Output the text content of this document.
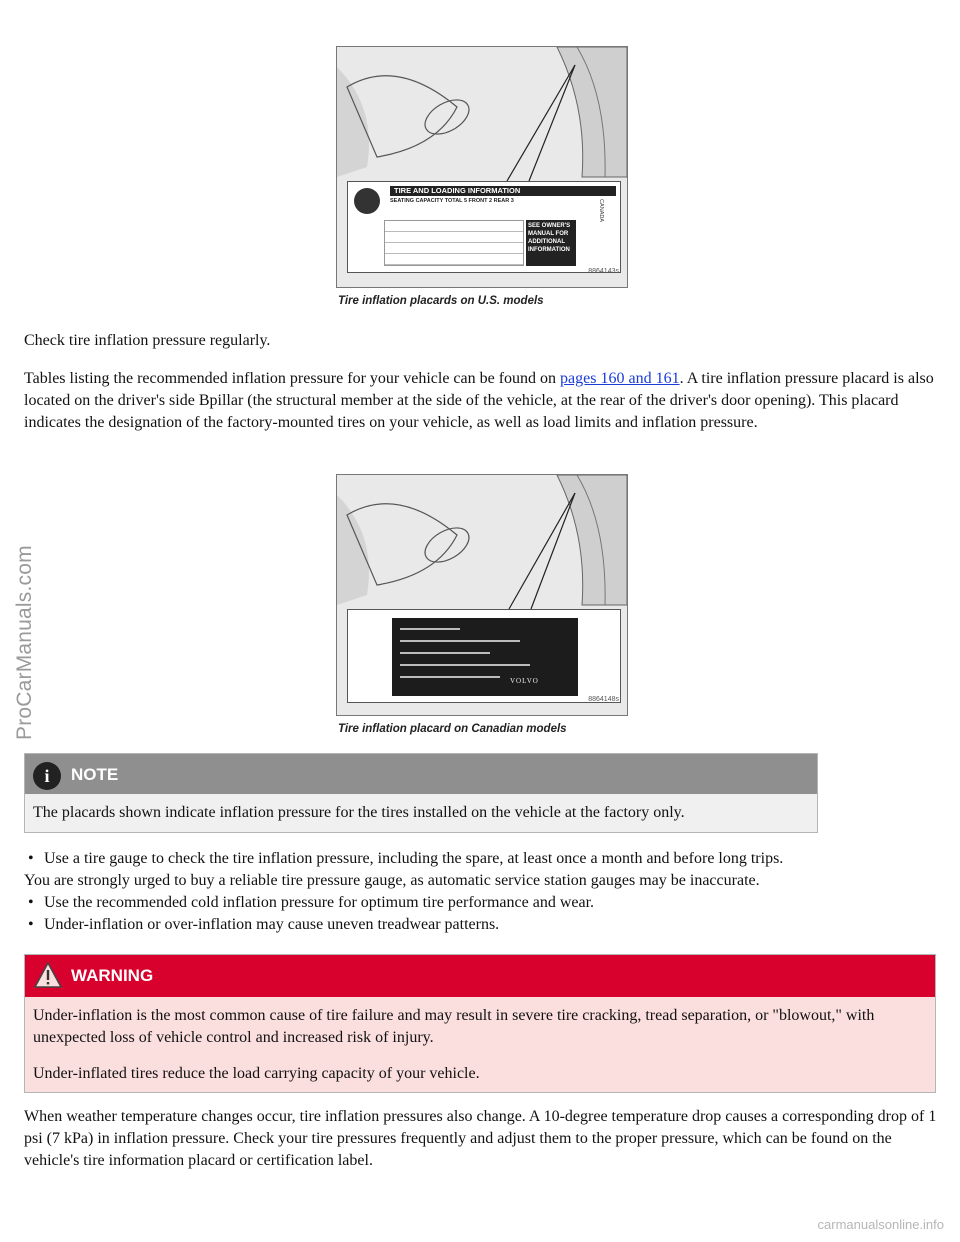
ProCarManuals.com
carmanualsonline.info
TIRE AND LOADING INFORMATION
SEATING CAPACITY TOTAL 5 FRONT 2 REAR 3
SEE OWNER'S MANUAL FOR ADDITIONAL INFORMATION
CANADA
8864143s
Tire inflation placards on U.S. models

Check tire inflation pressure regularly.

Tables listing the recommended inflation pressure for your vehicle can be found on pages 160 and 161. A tire inflation pressure placard is also located on the driver's side Bpillar (the structural member at the side of the vehicle, at the rear of the driver's door opening). This placard indicates the designation of the factory-mounted tires on your vehicle, as well as load limits and inflation pressure.

VOLVO
8864148s
Tire inflation placard on Canadian models
i	NOTE
The placards shown indicate inflation pressure for the tires installed on the vehicle at the factory only.
• Use a tire gauge to check the tire inflation pressure, including the spare, at least once a month and before long trips.
You are strongly urged to buy a reliable tire pressure gauge, as automatic service station gauges may be inaccurate.
• Use the recommended cold inflation pressure for optimum tire performance and wear.
• Under-inflation or over-inflation may cause uneven treadwear patterns.
WARNING

Under-inflation is the most common cause of tire failure and may result in severe tire cracking, tread separation, or "blowout," with unexpected loss of vehicle control and increased risk of injury.

Under-inflated tires reduce the load carrying capacity of your vehicle.

When weather temperature changes occur, tire inflation pressures also change. A 10-degree temperature drop causes a corresponding drop of 1 psi (7 kPa) in inflation pressure. Check your tire pressures frequently and adjust them to the proper pressure, which can be found on the vehicle's tire information placard or certification label.
